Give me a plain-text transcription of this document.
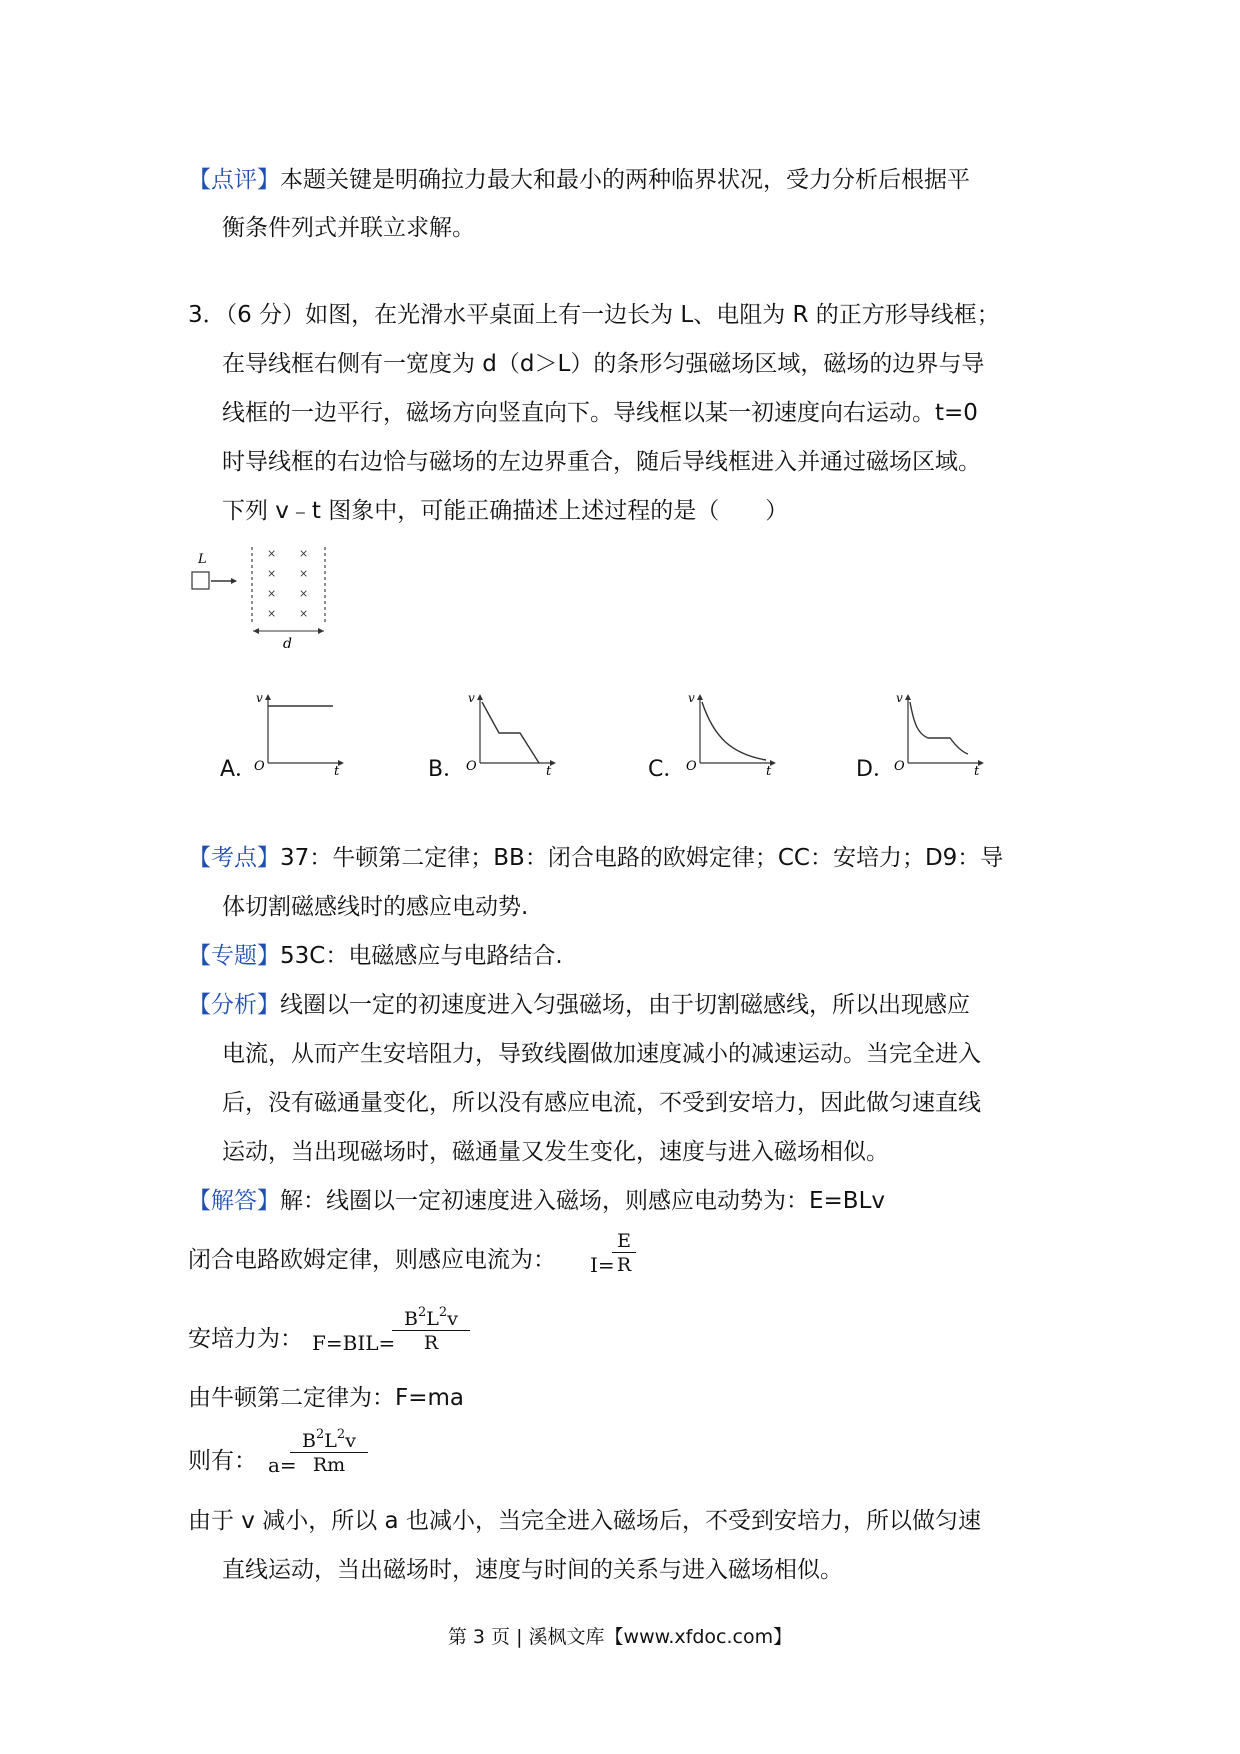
【点评】本题关键是明确拉力最大和最小的两种临界状况，受力分析后根据平
衡条件列式并联立求解。
3．（6 分）如图，在光滑水平桌面上有一边长为 L、电阻为 R 的正方形导线框；
在导线框右侧有一宽度为 d（d＞L）的条形匀强磁场区域，磁场的边界与导
线框的一边平行，磁场方向竖直向下。导线框以某一初速度向右运动。t=0
时导线框的右边恰与磁场的左边界重合，随后导线框进入并通过磁场区域。
下列 v﹣t 图象中，可能正确描述上述过程的是（　　）
L	× ×
× ×
× ×
× ×
d
A．
v
O	t	B．
v
O	t	C．
v
O	t	D．
v
O	t
【考点】37：牛顿第二定律；BB：闭合电路的欧姆定律；CC：安培力；D9：导
体切割磁感线时的感应电动势.
【专题】53C：电磁感应与电路结合.
【分析】线圈以一定的初速度进入匀强磁场，由于切割磁感线，所以出现感应
电流，从而产生安培阻力，导致线圈做加速度减小的减速运动。当完全进入
后，没有磁通量变化，所以没有感应电流，不受到安培力，因此做匀速直线
运动，当出现磁场时，磁通量又发生变化，速度与进入磁场相似。
【解答】解：线圈以一定初速度进入磁场，则感应电动势为：E=BLv
闭合电路欧姆定律，则感应电流为： I=
$\frac{E}{R}$
安培力为： F=BIL=
$\frac{B^2L^2v}{R}$
由牛顿第二定律为：F=ma
则有： a=
$\frac{B^2L^2v}{Rm}$
由于 v 减小，所以 a 也减小，当完全进入磁场后，不受到安培力，所以做匀速
直线运动，当出磁场时，速度与时间的关系与进入磁场相似。
第 3 页 | 溪枫文库【www.xfdoc.com】
